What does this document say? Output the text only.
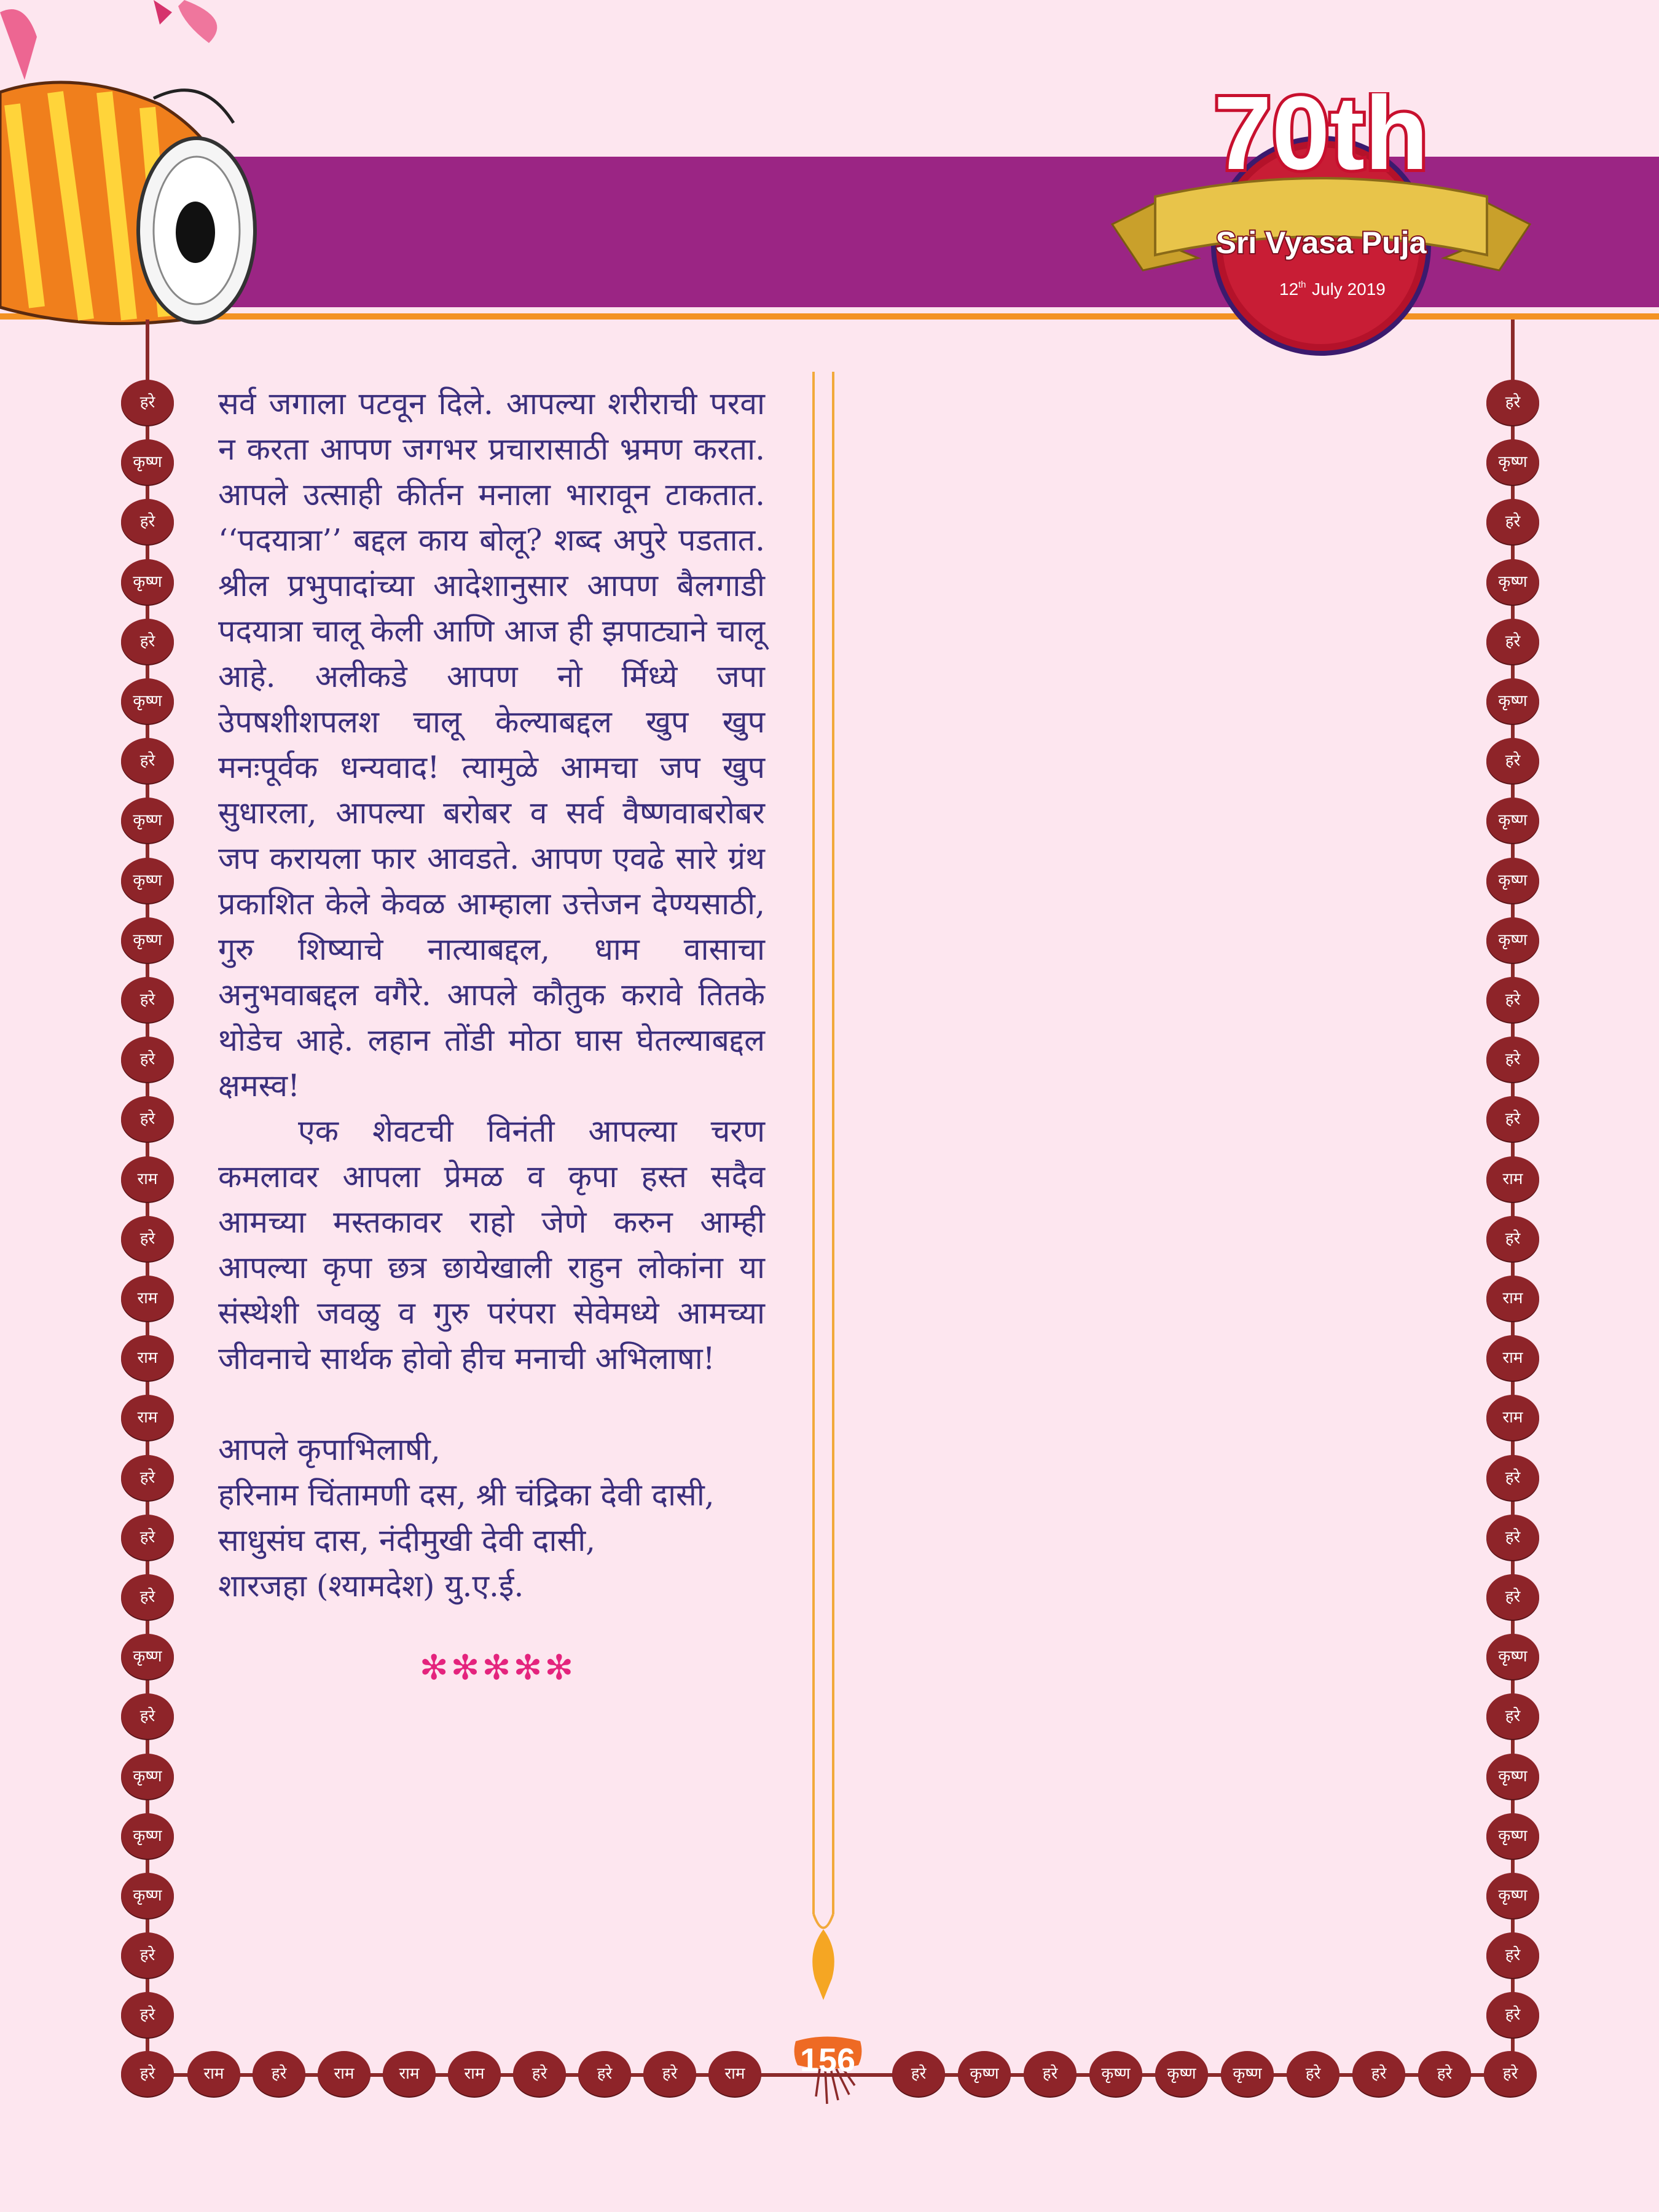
70th
Sri Vyasa Puja
12 th July 2019
हरे
कृष्ण
हरे
कृष्ण
हरे
कृष्ण
हरे
कृष्ण
कृष्ण
कृष्ण
हरे
हरे
हरे
राम
हरे
राम
राम
राम
हरे
हरे
हरे
कृष्ण
हरे
कृष्ण
कृष्ण
कृष्ण
हरे
हरे
हरे
कृष्ण
हरे
कृष्ण
हरे
कृष्ण
हरे
कृष्ण
कृष्ण
कृष्ण
हरे
हरे
हरे
राम
हरे
राम
राम
राम
हरे
हरे
हरे
कृष्ण
हरे
कृष्ण
कृष्ण
कृष्ण
हरे
हरे
हरे	राम	हरे	राम	राम	राम	हरे	हरे	हरे	राम	हरे	कृष्ण	हरे	कृष्ण	कृष्ण	कृष्ण	हरे	हरे	हरे	हरे

सर्व जगाला पटवून दिले. आपल्या शरीराची परवा न करता आपण जगभर प्रचारासाठी भ्रमण करता. आपले उत्साही कीर्तन मनाला भारावून टाकतात. ‘‘पदयात्रा’’ बद्दल काय बोलू? शब्द अपुरे पडतात. श्रील प्रभुपादांच्या आदेशानुसार आपण बैलगाडी पदयात्रा चालू केली आणि आज ही झपाट्याने चालू आहे. अलीकडे आपण नो र्मिध्ये जपा उेपषशीशपलश चालू केल्याबद्दल खुप खुप मनःपूर्वक धन्यवाद! त्यामुळे आमचा जप खुप सुधारला, आपल्या बरोबर व सर्व वैष्णवाबरोबर जप करायला फार आवडते. आपण एवढे सारे ग्रंथ प्रकाशित केले केवळ आम्हाला उत्तेजन देण्यसाठी, गुरु शिष्याचे नात्याबद्दल, धाम वासाचा अनुभवाबद्दल वगैरे. आपले कौतुक करावे तितके थोडेच आहे. लहान तोंडी मोठा घास घेतल्याबद्दल क्षमस्व!

एक शेवटची विनंती आपल्या चरण कमलावर आपला प्रेमळ व कृपा हस्त सदैव आमच्या मस्तकावर राहो जेणे करुन आम्ही आपल्या कृपा छत्र छायेखाली राहुन लोकांना या संस्थेशी जवळु व गुरु परंपरा सेवेमध्ये आमच्या जीवनाचे सार्थक होवो हीच मनाची अभिलाषा!

आपले कृपाभिलाषी,
हरिनाम चिंतामणी दस, श्री चंद्रिका देवी दासी,
साधुसंघ दास, नंदीमुखी देवी दासी,
शारजहा (श्यामदेश) यु.ए.ई.
✻✻✻✻✻
156
